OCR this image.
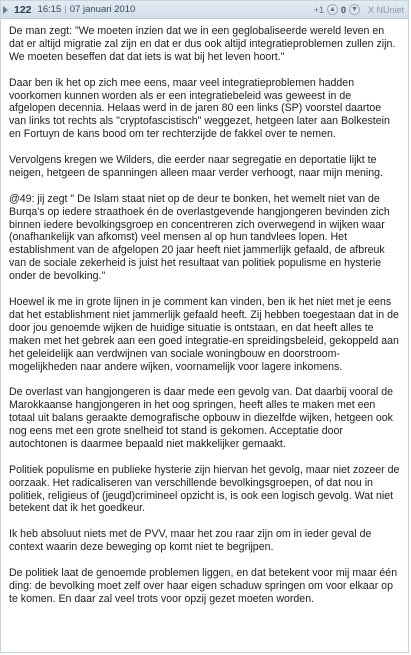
122 16:15 | 07 januari 2010	+1 ▲ 0 ▼ X NUniet

De man zegt: "We moeten inzien dat we in een geglobaliseerde wereld leven en dat er altijd migratie zal zijn en dat er dus ook altijd integratieproblemen zullen zijn. We moeten beseffen dat dat iets is wat bij het leven hoort."

Daar ben ik het op zich mee eens, maar veel integratieproblemen hadden voorkomen kunnen worden als er een integratiebeleid was geweest in de afgelopen decennia. Helaas werd in de jaren 80 een links (SP) voorstel daartoe van links tot rechts als "cryptofascistisch" weggezet, hetgeen later aan Bolkestein en Fortuyn de kans bood om ter rechterzijde de fakkel over te nemen.

Vervolgens kregen we Wilders, die eerder naar segregatie en deportatie lijkt te neigen, hetgeen de spanningen alleen maar verder verhoogt, naar mijn mening.

@49: jij zegt " De Islam staat niet op de deur te bonken, het wemelt niet van de Burqa's op iedere straathoek én de overlastgevende hangjongeren bevinden zich binnen iedere bevolkingsgroep en concentreren zich overwegend in wijken waar (onafhankelijk van afkomst) veel mensen al op hun tandvlees lopen. Het establishment van de afgelopen 20 jaar heeft niet jammerlijk gefaald, de afbreuk van de sociale zekerheid is juist het resultaat van politiek populisme en hysterie onder de bevolking."

Hoewel ik me in grote lijnen in je comment kan vinden, ben ik het niet met je eens dat het establishment niet jammerlijk gefaald heeft. Zij hebben toegestaan dat in de door jou genoemde wijken de huidige situatie is ontstaan, en dat heeft alles te maken met het gebrek aan een goed integratie-en spreidingsbeleid, gekoppeld aan het geleidelijk aan verdwijnen van sociale woningbouw en doorstroom-mogelijkheden naar andere wijken, voornamelijk voor lagere inkomens.

De overlast van hangjongeren is daar mede een gevolg van. Dat daarbij vooral de Marokkaanse hangjongeren in het oog springen, heeft alles te maken met een totaal uit balans geraakte demografische opbouw in diezelfde wijken, hetgeen ook nog eens met een grote snelheid tot stand is gekomen. Acceptatie door autochtonen is daarmee bepaald niet makkelijker gemaakt.

Politiek populisme en publieke hysterie zijn hiervan het gevolg, maar niet zozeer de oorzaak. Het radicaliseren van verschillende bevolkingsgroepen, of dat nou in politiek, religieus of (jeugd)crimineel opzicht is, is ook een logisch gevolg. Wat niet betekent dat ik het goedkeur.

Ik heb absoluut niets met de PVV, maar het zou raar zijn om in ieder geval de context waarin deze beweging op komt niet te begrijpen.

De politiek laat de genoemde problemen liggen, en dat betekent voor mij maar één ding: de bevolking moet zelf over haar eigen schaduw springen om voor elkaar op te komen. En daar zal veel trots voor opzij gezet moeten worden.
